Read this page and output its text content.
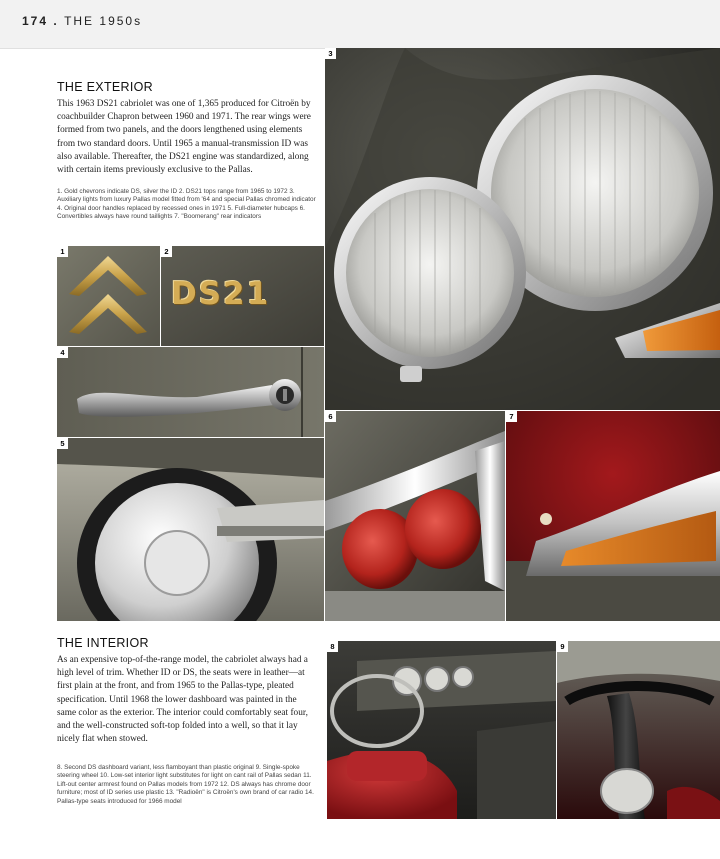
174 . THE 1950s
THE EXTERIOR
This 1963 DS21 cabriolet was one of 1,365 produced for Citroën by coachbuilder Chapron between 1960 and 1971. The rear wings were formed from two panels, and the doors lengthened using elements from two standard doors. Until 1965 a manual-transmission ID was also available. Thereafter, the DS21 engine was standardized, along with certain items previously exclusive to the Pallas.
1. Gold chevrons indicate DS, silver the ID 2. DS21 tops range from 1965 to 1972 3. Auxiliary lights from luxury Pallas model fitted from '64 and special Pallas chromed indicator 4. Original door handles replaced by recessed ones in 1971 5. Full-diameter hubcaps 6. Convertibles always have round taillights 7. "Boomerang" rear indicators
1	2
DS21
3
4
5
6	7
THE INTERIOR
As an expensive top-of-the-range model, the cabriolet always had a high level of trim. Whether ID or DS, the seats were in leather—at first plain at the front, and from 1965 to the Pallas-type, pleated specification. Until 1968 the lower dashboard was painted in the same color as the exterior. The interior could comfortably seat four, and the well-constructed soft-top folded into a well, so that it lay nicely flat when stowed.
8. Second DS dashboard variant, less flamboyant than plastic original 9. Single-spoke steering wheel 10. Low-set interior light substitutes for light on cant rail of Pallas sedan 11. Lift-out center armrest found on Pallas models from 1972 12. DS always has chrome door furniture; most of ID series use plastic 13. "Radioën" is Citroën's own brand of car radio 14. Pallas-type seats introduced for 1966 model
8	9
